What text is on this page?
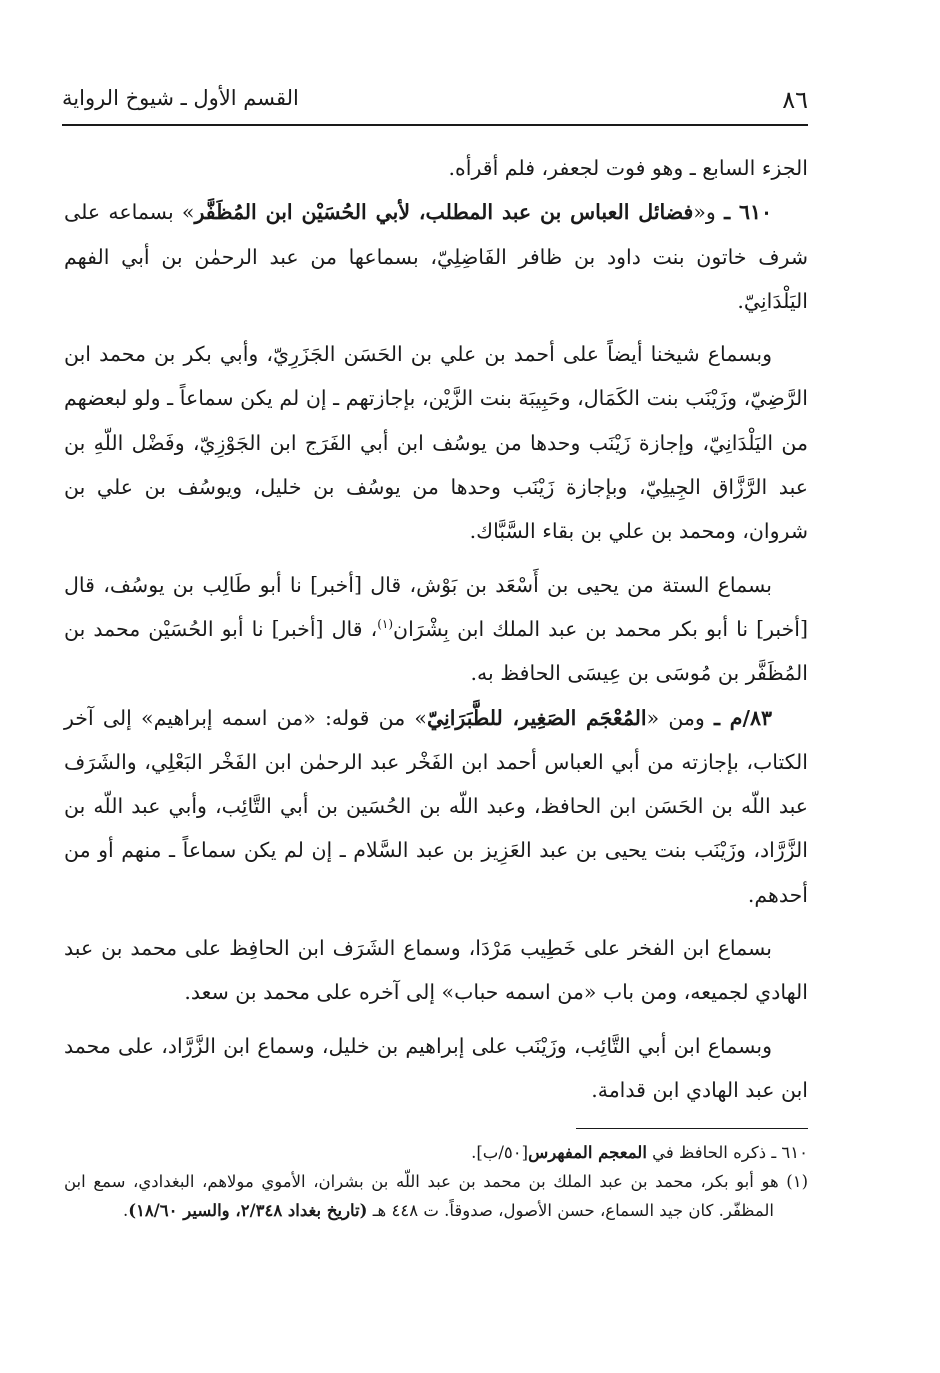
٨٦
القسم الأول ـ شيوخ الرواية

الجزء السابع ـ وهو فوت لجعفر، فلم أقرأه.

٦١٠ ـ و«فضائل العباس بن عبد المطلب، لأبي الحُسَيْن ابن المُظَفَّر» بسماعه على شرف خاتون بنت داود بن ظافر الفَاضِلِيّ، بسماعها من عبد الرحمٰن بن أبي الفهم اليَلْدَانِيّ.

وبسماع شيخنا أيضاً على أحمد بن علي بن الحَسَن الجَزَرِيّ، وأبي بكر بن محمد ابن الرَّضِيّ، وزَيْنَب بنت الكَمَال، وحَبِيبَة بنت الزَّيْن، بإجازتهم ـ إن لم يكن سماعاً ـ ولو لبعضهم من اليَلْدَانِيّ، وإجازة زَيْنَب وحدها من يوسُف ابن أبي الفَرَج ابن الجَوْزِيّ، وفَضْل اللّهِ بن عبد الرَّزَّاق الجِيلِيّ، وبإجازة زَيْنَب وحدها من يوسُف بن خليل، ويوسُف بن علي بن شروان، ومحمد بن علي بن بقاء السَّبَّاك.

بسماع الستة من يحيى بن أَسْعَد بن بَوْش، قال [أخبر] نا أبو طَالِب بن يوسُف، قال [أخبر] نا أبو بكر محمد بن عبد الملك ابن بِشْرَان$^{(١)}$، قال [أخبر] نا أبو الحُسَيْن محمد بن المُظَفَّر بن مُوسَى بن عِيسَى الحافظ به.

٨٣/م ـ ومن «المُعْجَم الصَغِير، للطَّبَرَانِيّ» من قوله: «من اسمه إبراهيم» إلى آخر الكتاب، بإجازته من أبي العباس أحمد ابن الفَخْر عبد الرحمٰن ابن الفَخْر البَعْلِي، والشَرَف عبد اللّه بن الحَسَن ابن الحافظ، وعبد اللّه بن الحُسَين بن أبي التَّائِب، وأبي عبد اللّه بن الزَّرَّاد، وزَيْنَب بنت يحيى بن عبد العَزِيز بن عبد السَّلام ـ إن لم يكن سماعاً ـ منهم أو من أحدهم.

بسماع ابن الفخر على خَطِيب مَرْدَا، وسماع الشَرَف ابن الحافِظ على محمد بن عبد الهادي لجميعه، ومن باب «من اسمه حباب» إلى آخره على محمد بن سعد.

وبسماع ابن أبي التَّائِب، وزَيْنَب على إبراهيم بن خليل، وسماع ابن الزَّرَّاد، على محمد ابن عبد الهادي ابن قدامة.

٦١٠ ـ ذكره الحافظ في المعجم المفهرس[٥٠/ب].

(١) هو أبو بكر، محمد بن عبد الملك بن محمد بن عبد اللّه بن بشران، الأموي مولاهم، البغدادي، سمع ابن المظفّر. كان جيد السماع، حسن الأصول، صدوقاً. ت ٤٤٨ هـ (تاريخ بغداد ٢/٣٤٨، والسير ١٨/٦٠).
